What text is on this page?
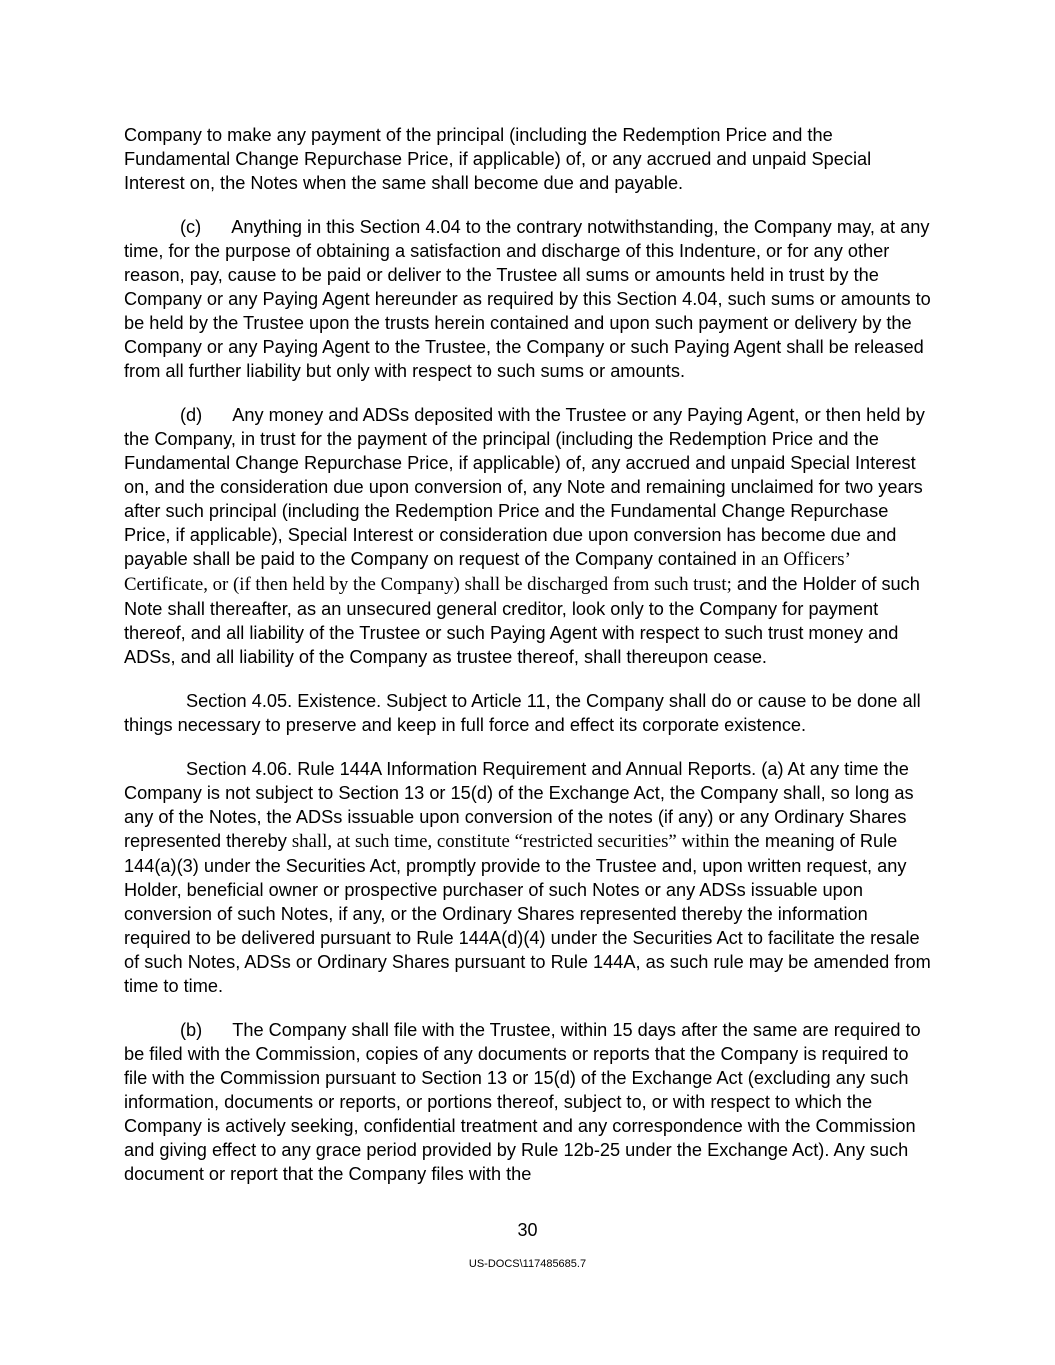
Company to make any payment of the principal (including the Redemption Price and the Fundamental Change Repurchase Price, if applicable) of, or any accrued and unpaid Special Interest on, the Notes when the same shall become due and payable.

(c) Anything in this Section 4.04 to the contrary notwithstanding, the Company may, at any time, for the purpose of obtaining a satisfaction and discharge of this Indenture, or for any other reason, pay, cause to be paid or deliver to the Trustee all sums or amounts held in trust by the Company or any Paying Agent hereunder as required by this Section 4.04, such sums or amounts to be held by the Trustee upon the trusts herein contained and upon such payment or delivery by the Company or any Paying Agent to the Trustee, the Company or such Paying Agent shall be released from all further liability but only with respect to such sums or amounts.

(d) Any money and ADSs deposited with the Trustee or any Paying Agent, or then held by the Company, in trust for the payment of the principal (including the Redemption Price and the Fundamental Change Repurchase Price, if applicable) of, any accrued and unpaid Special Interest on, and the consideration due upon conversion of, any Note and remaining unclaimed for two years after such principal (including the Redemption Price and the Fundamental Change Repurchase Price, if applicable), Special Interest or consideration due upon conversion has become due and payable shall be paid to the Company on request of the Company contained in an Officers’ Certificate, or (if then held by the Company) shall be discharged from such trust; and the Holder of such Note shall thereafter, as an unsecured general creditor, look only to the Company for payment thereof, and all liability of the Trustee or such Paying Agent with respect to such trust money and ADSs, and all liability of the Company as trustee thereof, shall thereupon cease.

Section 4.05. Existence. Subject to Article 11, the Company shall do or cause to be done all things necessary to preserve and keep in full force and effect its corporate existence.

Section 4.06. Rule 144A Information Requirement and Annual Reports. (a) At any time the Company is not subject to Section 13 or 15(d) of the Exchange Act, the Company shall, so long as any of the Notes, the ADSs issuable upon conversion of the notes (if any) or any Ordinary Shares represented thereby shall, at such time, constitute “restricted securities” within the meaning of Rule 144(a)(3) under the Securities Act, promptly provide to the Trustee and, upon written request, any Holder, beneficial owner or prospective purchaser of such Notes or any ADSs issuable upon conversion of such Notes, if any, or the Ordinary Shares represented thereby the information required to be delivered pursuant to Rule 144A(d)(4) under the Securities Act to facilitate the resale of such Notes, ADSs or Ordinary Shares pursuant to Rule 144A, as such rule may be amended from time to time.

(b) The Company shall file with the Trustee, within 15 days after the same are required to be filed with the Commission, copies of any documents or reports that the Company is required to file with the Commission pursuant to Section 13 or 15(d) of the Exchange Act (excluding any such information, documents or reports, or portions thereof, subject to, or with respect to which the Company is actively seeking, confidential treatment and any correspondence with the Commission and giving effect to any grace period provided by Rule 12b-25 under the Exchange Act). Any such document or report that the Company files with the

30
US-DOCS\117485685.7
